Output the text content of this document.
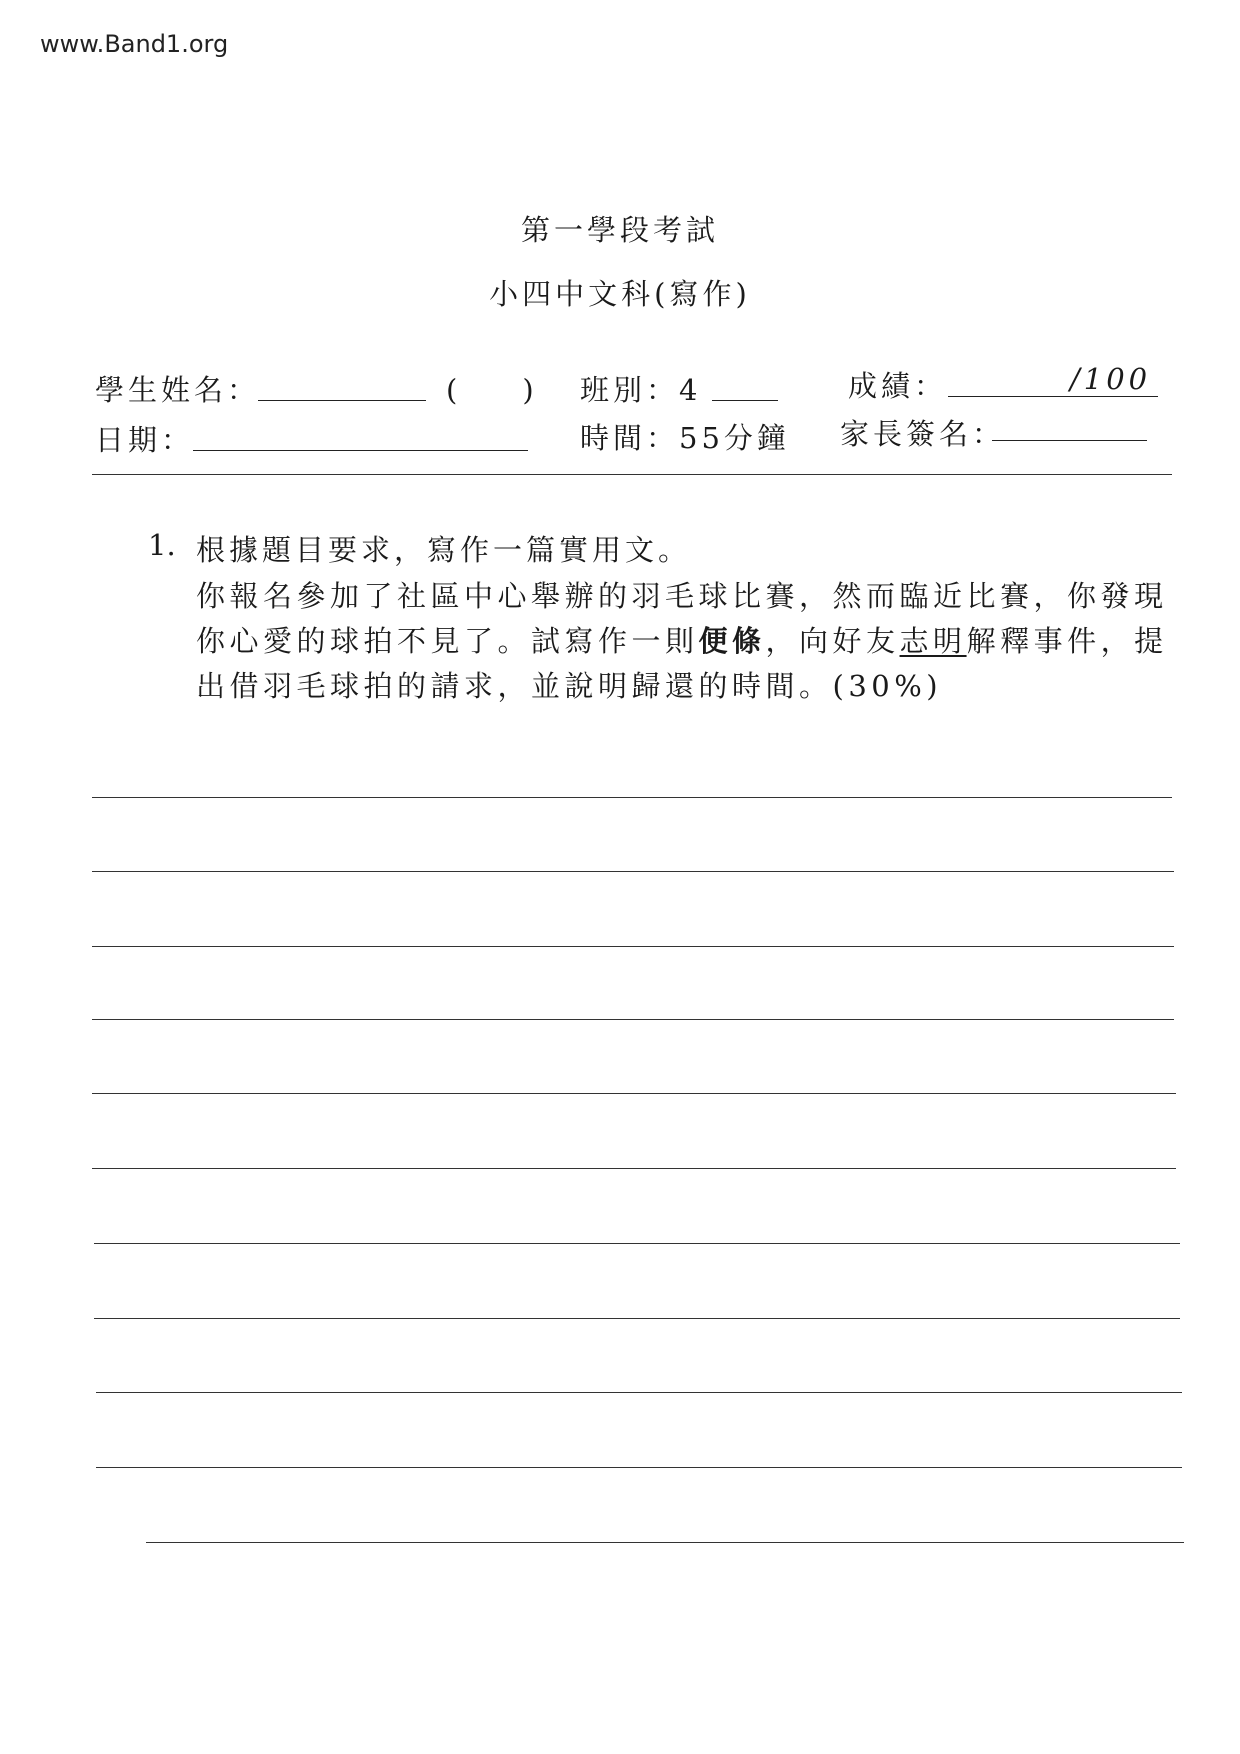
www.Band1.org
第一學段考試
小四中文科(寫作)
學生姓名：	(　) 班別：4	成績：	/100
日期：	時間：55分鐘 家長簽名：
1. 根據題目要求，寫作一篇實用文。
你報名參加了社區中心舉辦的羽毛球比賽，然而臨近比賽，你發現你心愛的球拍不見了。試寫作一則便條，向好友志明解釋事件，提出借羽毛球拍的請求，並說明歸還的時間。(30%)
